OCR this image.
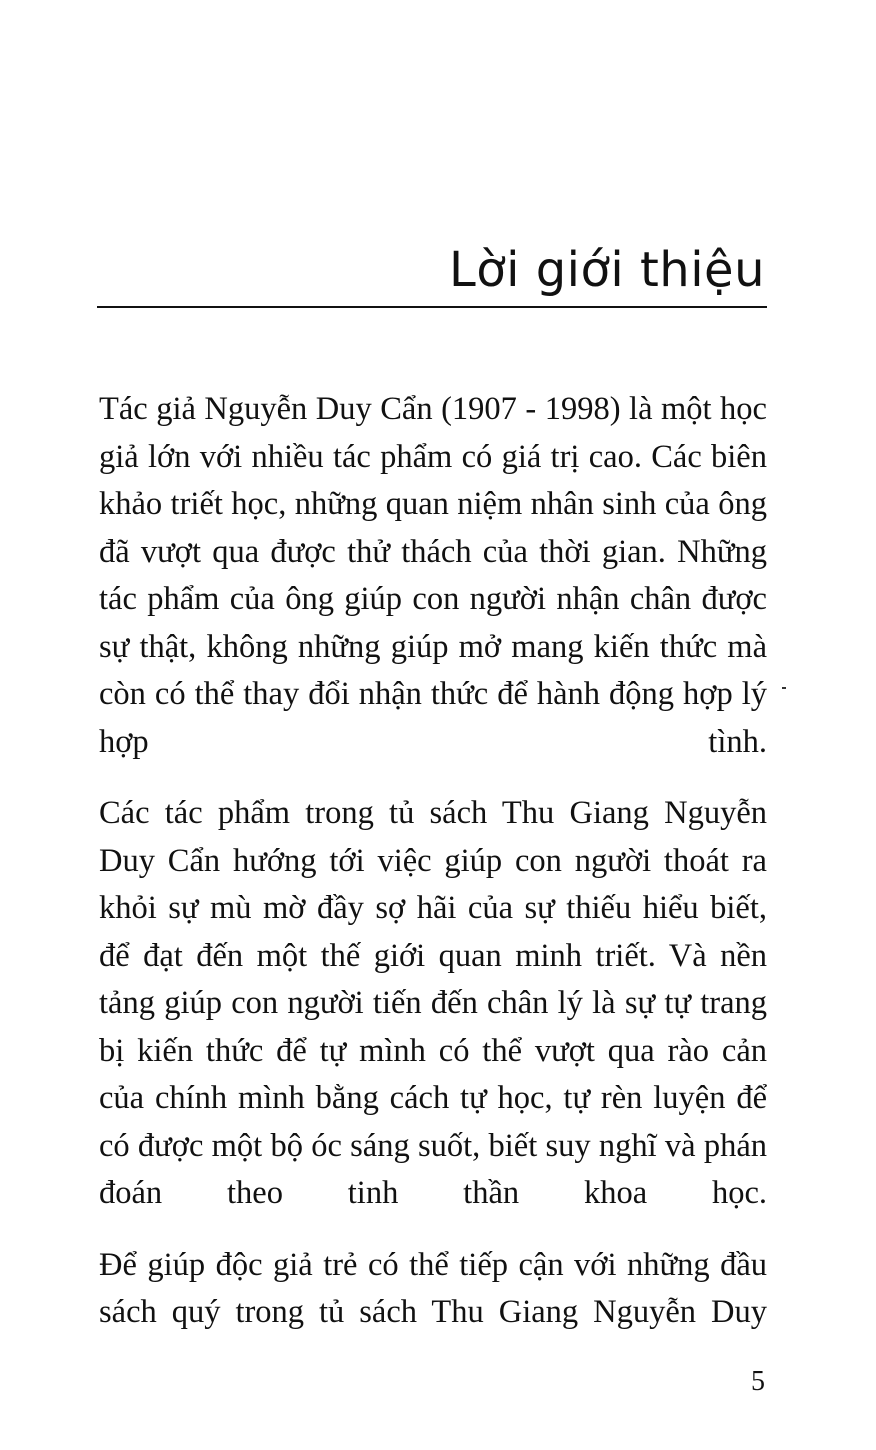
Lời giới thiệu

Tác giả Nguyễn Duy Cẩn (1907 - 1998) là một học giả lớn với nhiều tác phẩm có giá trị cao. Các biên khảo triết học, những quan niệm nhân sinh của ông đã vượt qua được thử thách của thời gian. Những tác phẩm của ông giúp con người nhận chân được sự thật, không những giúp mở mang kiến thức mà còn có thể thay đổi nhận thức để hành động hợp lý hợp tình.

Các tác phẩm trong tủ sách Thu Giang Nguyễn Duy Cẩn hướng tới việc giúp con người thoát ra khỏi sự mù mờ đầy sợ hãi của sự thiếu hiểu biết, để đạt đến một thế giới quan minh triết. Và nền tảng giúp con người tiến đến chân lý là sự tự trang bị kiến thức để tự mình có thể vượt qua rào cản của chính mình bằng cách tự học, tự rèn luyện để có được một bộ óc sáng suốt, biết suy nghĩ và phán đoán theo tinh thần khoa học.

Để giúp độc giả trẻ có thể tiếp cận với những đầu sách quý trong tủ sách Thu Giang Nguyễn Duy

5
